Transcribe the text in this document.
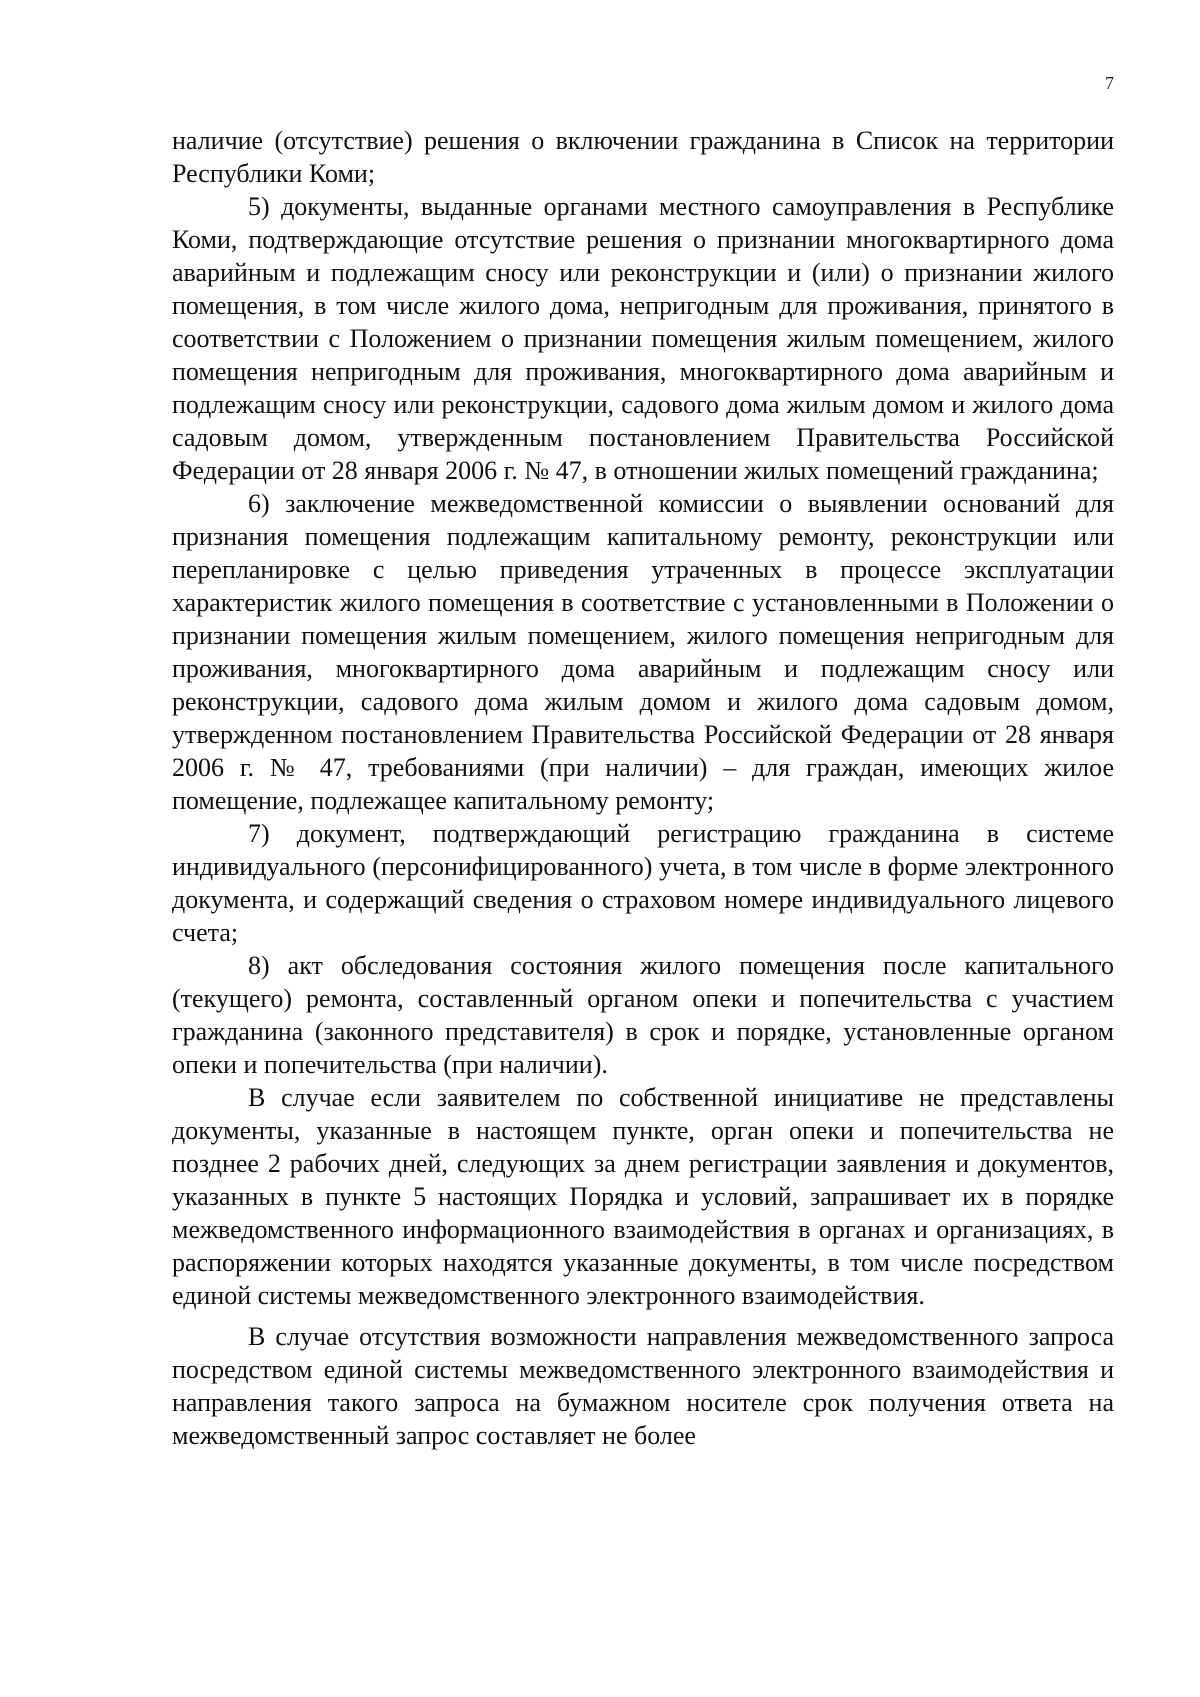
7

наличие (отсутствие) решения о включении гражданина в Список на территории Республики Коми;

5) документы, выданные органами местного самоуправления в Республике Коми, подтверждающие отсутствие решения о признании многоквартирного дома аварийным и подлежащим сносу или реконструкции и (или) о признании жилого помещения, в том числе жилого дома, непригодным для проживания, принятого в соответствии с Положением о признании помещения жилым помещением, жилого помещения непригодным для проживания, многоквартирного дома аварийным и подлежащим сносу или реконструкции, садового дома жилым домом и жилого дома садовым домом, утвержденным постановлением Правительства Российской Федерации от 28 января 2006 г. № 47, в отношении жилых помещений гражданина;

6) заключение межведомственной комиссии о выявлении оснований для признания помещения подлежащим капитальному ремонту, реконструкции или перепланировке с целью приведения утраченных в процессе эксплуатации характеристик жилого помещения в соответствие с установленными в Положении о признании помещения жилым помещением, жилого помещения непригодным для проживания, многоквартирного дома аварийным и подлежащим сносу или реконструкции, садового дома жилым домом и жилого дома садовым домом, утвержденном постановлением Правительства Российской Федерации от 28 января 2006 г. № 47, требованиями (при наличии) – для граждан, имеющих жилое помещение, подлежащее капитальному ремонту;

7) документ, подтверждающий регистрацию гражданина в системе индивидуального (персонифицированного) учета, в том числе в форме электронного документа, и содержащий сведения о страховом номере индивидуального лицевого счета;

8) акт обследования состояния жилого помещения после капитального (текущего) ремонта, составленный органом опеки и попечительства с участием гражданина (законного представителя) в срок и порядке, установленные органом опеки и попечительства (при наличии).

В случае если заявителем по собственной инициативе не представлены документы, указанные в настоящем пункте, орган опеки и попечительства не позднее 2 рабочих дней, следующих за днем регистрации заявления и документов, указанных в пункте 5 настоящих Порядка и условий, запрашивает их в порядке межведомственного информационного взаимодействия в органах и организациях, в распоряжении которых находятся указанные документы, в том числе посредством единой системы межведомственного электронного взаимодействия.

В случае отсутствия возможности направления межведомственного запроса посредством единой системы межведомственного электронного взаимодействия и направления такого запроса на бумажном носителе срок получения ответа на межведомственный запрос составляет не более
